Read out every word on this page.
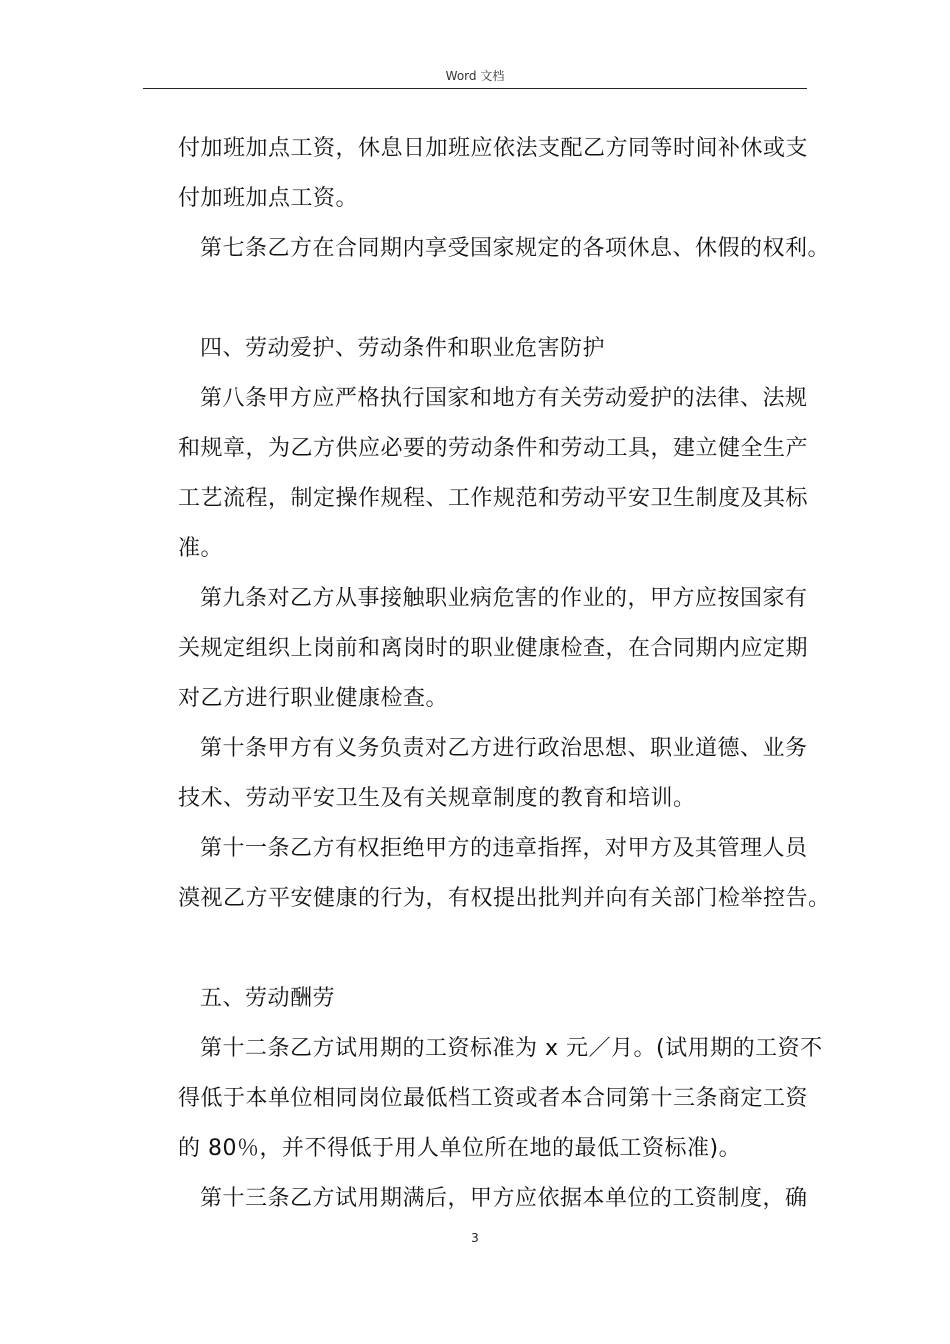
Word 文档

付加班加点工资，休息日加班应依法支配乙方同等时间补休或支

付加班加点工资。

第七条乙方在合同期内享受国家规定的各项休息、休假的权利。

四、劳动爱护、劳动条件和职业危害防护

第八条甲方应严格执行国家和地方有关劳动爱护的法律、法规

和规章，为乙方供应必要的劳动条件和劳动工具，建立健全生产

工艺流程，制定操作规程、工作规范和劳动平安卫生制度及其标

准。

第九条对乙方从事接触职业病危害的作业的，甲方应按国家有

关规定组织上岗前和离岗时的职业健康检查，在合同期内应定期

对乙方进行职业健康检查。

第十条甲方有义务负责对乙方进行政治思想、职业道德、业务

技术、劳动平安卫生及有关规章制度的教育和培训。

第十一条乙方有权拒绝甲方的违章指挥，对甲方及其管理人员

漠视乙方平安健康的行为，有权提出批判并向有关部门检举控告。

五、劳动酬劳

第十二条乙方试用期的工资标准为 x 元／月。(试用期的工资不

得低于本单位相同岗位最低档工资或者本合同第十三条商定工资

的 80％，并不得低于用人单位所在地的最低工资标准)。

第十三条乙方试用期满后，甲方应依据本单位的工资制度，确

3
